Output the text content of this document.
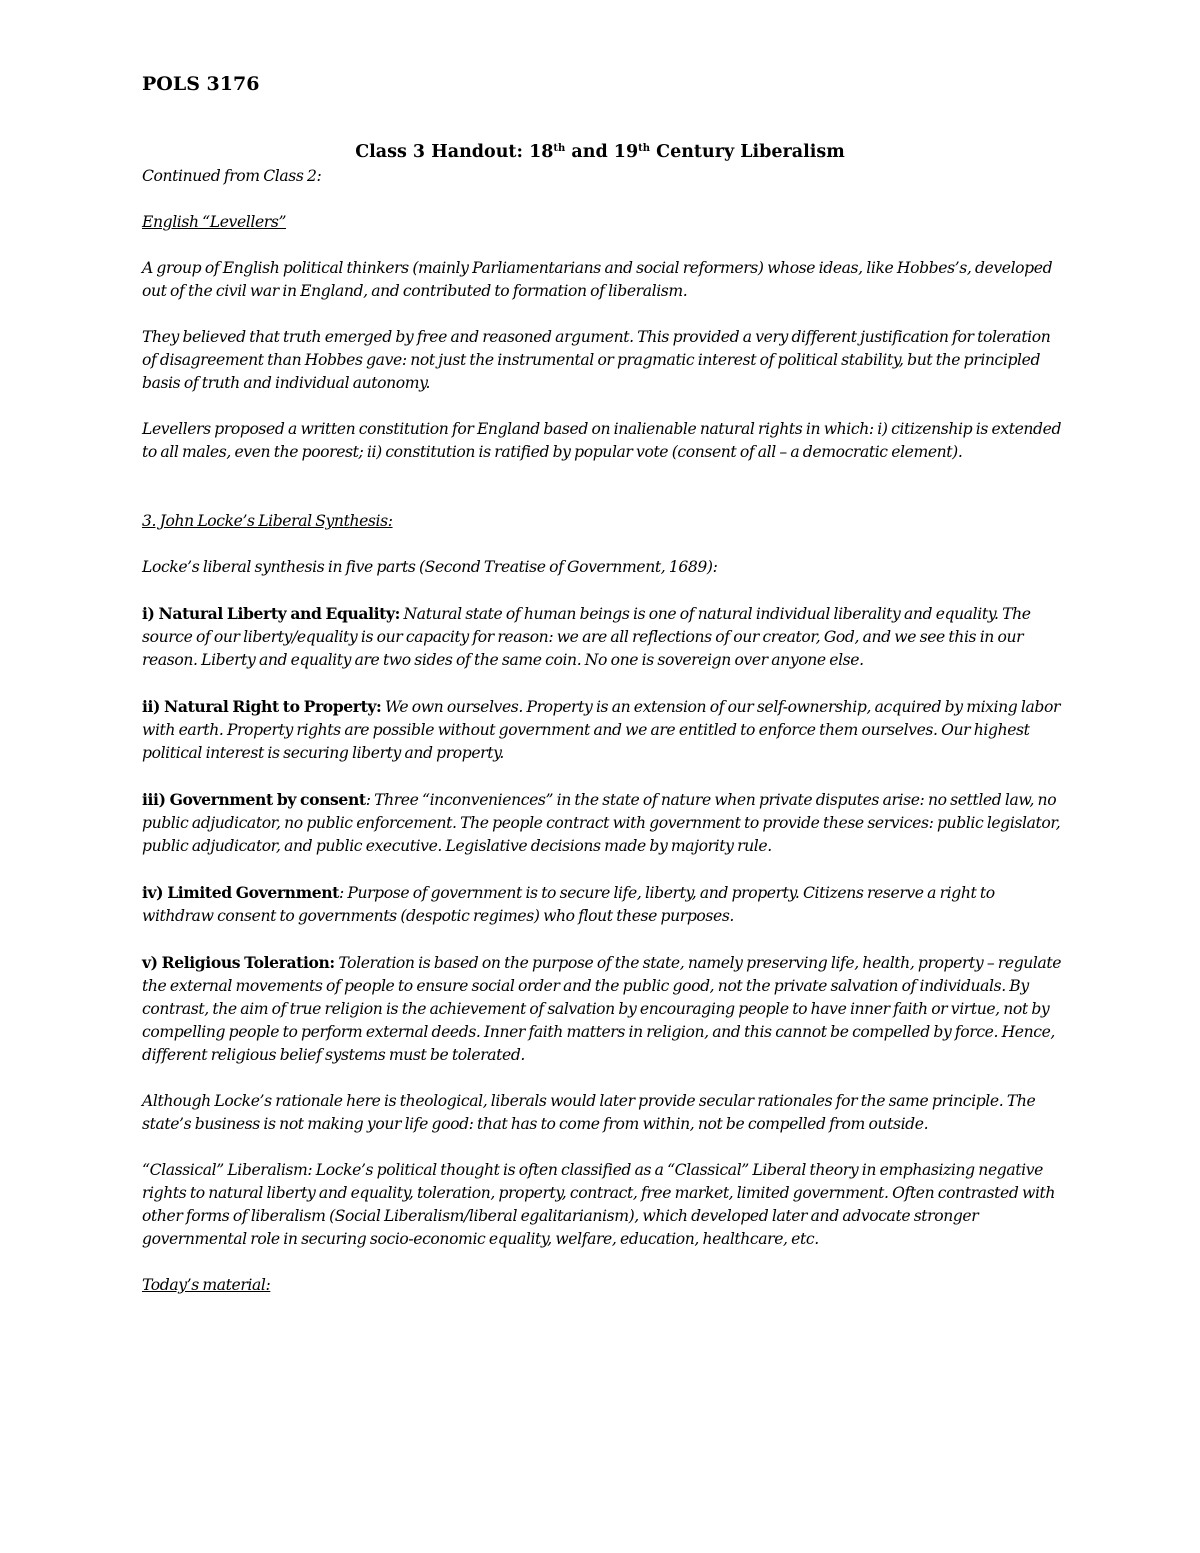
POLS 3176
Class 3 Handout: 18th and 19th Century Liberalism

Continued from Class 2:

English “Levellers”

A group of English political thinkers (mainly Parliamentarians and social reformers) whose ideas, like Hobbes’s, developed out of the civil war in England, and contributed to formation of liberalism.

They believed that truth emerged by free and reasoned argument. This provided a very different justification for toleration of disagreement than Hobbes gave: not just the instrumental or pragmatic interest of political stability, but the principled basis of truth and individual autonomy.

Levellers proposed a written constitution for England based on inalienable natural rights in which: i) citizenship is extended to all males, even the poorest; ii) constitution is ratified by popular vote (consent of all – a democratic element).

3. John Locke’s Liberal Synthesis:

Locke’s liberal synthesis in five parts (Second Treatise of Government, 1689):

i) Natural Liberty and Equality: Natural state of human beings is one of natural individual liberality and equality. The source of our liberty/equality is our capacity for reason: we are all reflections of our creator, God, and we see this in our reason. Liberty and equality are two sides of the same coin. No one is sovereign over anyone else.

ii) Natural Right to Property: We own ourselves. Property is an extension of our self-ownership, acquired by mixing labor with earth. Property rights are possible without government and we are entitled to enforce them ourselves. Our highest political interest is securing liberty and property.

iii) Government by consent: Three “inconveniences” in the state of nature when private disputes arise: no settled law, no public adjudicator, no public enforcement. The people contract with government to provide these services: public legislator, public adjudicator, and public executive. Legislative decisions made by majority rule.

iv) Limited Government: Purpose of government is to secure life, liberty, and property. Citizens reserve a right to withdraw consent to governments (despotic regimes) who flout these purposes.

v) Religious Toleration: Toleration is based on the purpose of the state, namely preserving life, health, property – regulate the external movements of people to ensure social order and the public good, not the private salvation of individuals. By contrast, the aim of true religion is the achievement of salvation by encouraging people to have inner faith or virtue, not by compelling people to perform external deeds. Inner faith matters in religion, and this cannot be compelled by force. Hence, different religious belief systems must be tolerated.

Although Locke’s rationale here is theological, liberals would later provide secular rationales for the same principle. The state’s business is not making your life good: that has to come from within, not be compelled from outside.

“Classical” Liberalism: Locke’s political thought is often classified as a “Classical” Liberal theory in emphasizing negative rights to natural liberty and equality, toleration, property, contract, free market, limited government. Often contrasted with other forms of liberalism (Social Liberalism/liberal egalitarianism), which developed later and advocate stronger governmental role in securing socio-economic equality, welfare, education, healthcare, etc.

Today’s material:
